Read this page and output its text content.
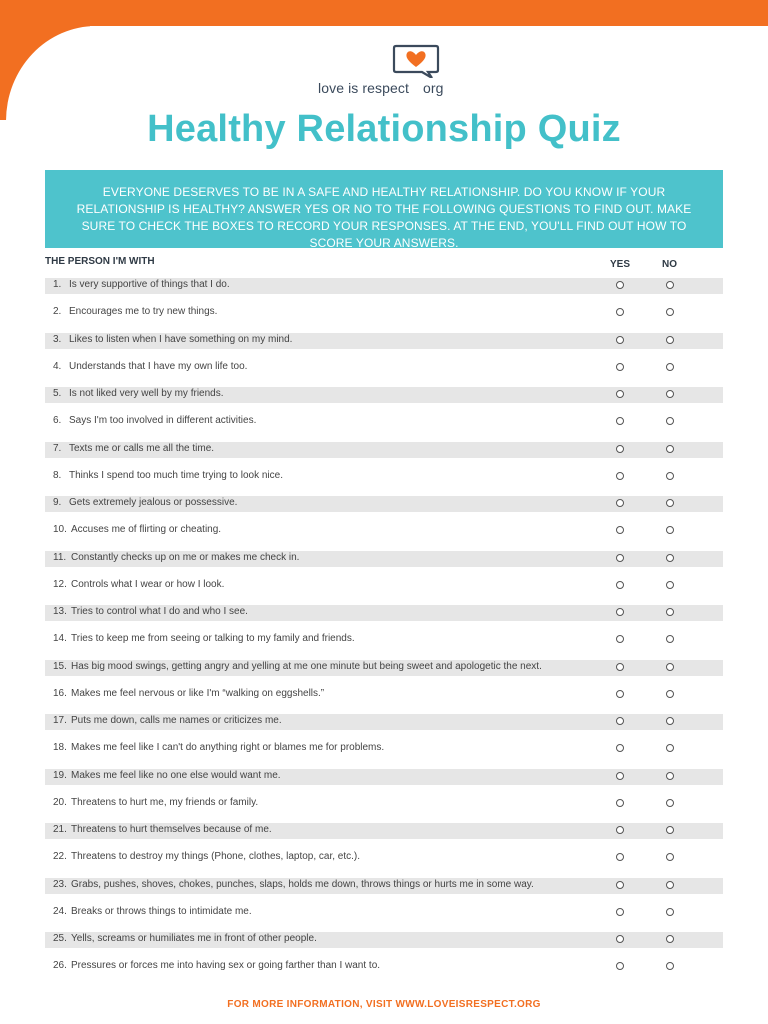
love is respect org
Healthy Relationship Quiz
EVERYONE DESERVES TO BE IN A SAFE AND HEALTHY RELATIONSHIP. DO YOU KNOW IF YOUR RELATIONSHIP IS HEALTHY? ANSWER YES OR NO TO THE FOLLOWING QUESTIONS TO FIND OUT. MAKE SURE TO CHECK THE BOXES TO RECORD YOUR RESPONSES. AT THE END, YOU'LL FIND OUT HOW TO SCORE YOUR ANSWERS.
THE PERSON I'M WITH	YES	NO
1. Is very supportive of things that I do.
2. Encourages me to try new things.
3. Likes to listen when I have something on my mind.
4. Understands that I have my own life too.
5. Is not liked very well by my friends.
6. Says I'm too involved in different activities.
7. Texts me or calls me all the time.
8. Thinks I spend too much time trying to look nice.
9. Gets extremely jealous or possessive.
10. Accuses me of flirting or cheating.
11. Constantly checks up on me or makes me check in.
12. Controls what I wear or how I look.
13. Tries to control what I do and who I see.
14. Tries to keep me from seeing or talking to my family and friends.
15. Has big mood swings, getting angry and yelling at me one minute but being sweet and apologetic the next.
16. Makes me feel nervous or like I'm “walking on eggshells.”
17. Puts me down, calls me names or criticizes me.
18. Makes me feel like I can't do anything right or blames me for problems.
19. Makes me feel like no one else would want me.
20. Threatens to hurt me, my friends or family.
21. Threatens to hurt themselves because of me.
22. Threatens to destroy my things (Phone, clothes, laptop, car, etc.).
23. Grabs, pushes, shoves, chokes, punches, slaps, holds me down, throws things or hurts me in some way.
24. Breaks or throws things to intimidate me.
25. Yells, screams or humiliates me in front of other people.
26. Pressures or forces me into having sex or going farther than I want to.
FOR MORE INFORMATION, VISIT WWW.LOVEISRESPECT.ORG
